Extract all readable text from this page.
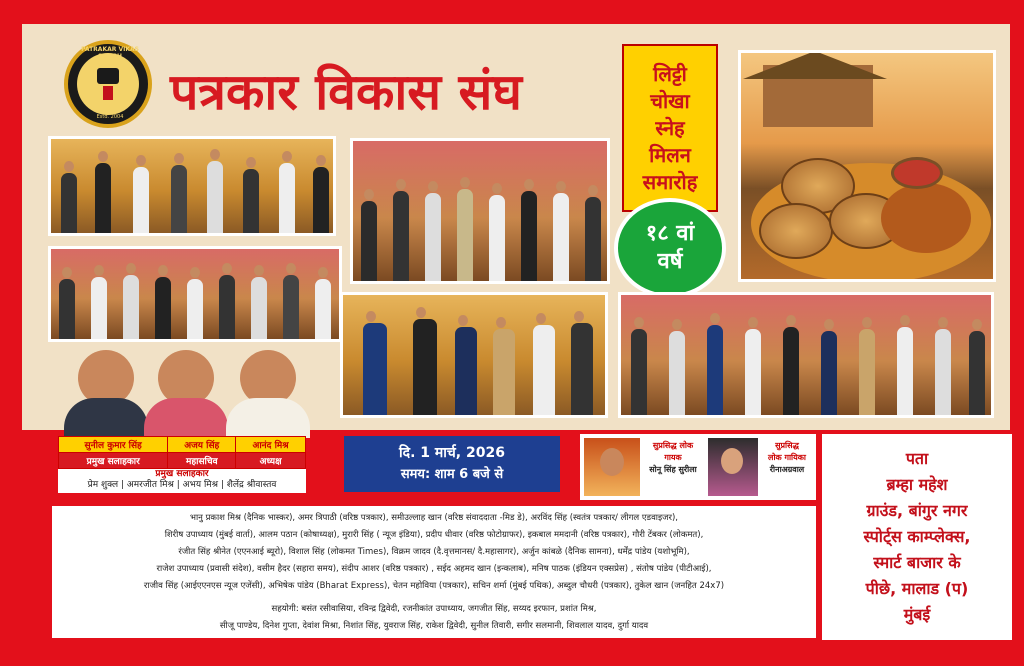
PATRAKAR VIKAS SANGH
Estd. 2004 पत्रकार विकास संघ	लिट्टी
चोखा
स्नेह
मिलन
समारोह
१८ वां
वर्ष
सुनील कुमार सिंह	अजय सिंह	आनंद मिश्र
प्रमुख सलाहकार	महासचिव	अध्यक्ष
प्रमुख सलाहकार
प्रेम शुक्ल | अमरजीत मिश्र | अभय मिश्र | शैलेंद्र श्रीवास्तव
दि. 1 मार्च, 2026
समय: शाम 6 बजे से
सुप्रसिद्ध लोक
गायक
सोनू सिंह सुरीला
सुप्रसिद्ध
लोक गायिका
रीनाअग्रवाल
पता
ब्रम्हा महेश
ग्राउंड, बांगुर नगर
स्पोर्ट्स काम्प्लेक्स,
स्मार्ट बाजार के
पीछे, मालाड (प)
मुंबई

भानु प्रकाश मिश्र (दैनिक भास्कर), अमर त्रिपाठी (वरिष्ठ पत्रकार), समीउल्लाह खान (वरिष्ठ संवाददाता -मिड डे), अरविंद सिंह (स्वतंत्र पत्रकार/ लीगल एडवाइजर),

शिरीष उपाध्याय (मुंबई वार्ता), आलम पठान (कोषाध्यक्ष), मुरारी सिंह ( न्यूज इंडिया), प्रदीप धीवार (वरिष्ठ फोटोग्राफर), इकबाल ममदानी (वरिष्ठ पत्रकार), गौरी टेंबकर (लोकमत),

रंजीत सिंह श्रीनेत (एएनआई ब्यूरो), विशाल सिंह (लोकमत Times), विक्रम जादव (दै.वृत्तमानस/ दै.महासागर), अर्जुन कांबळे (दैनिक सामना), धर्मेंद्र पांडेय (यशोभूमि),

राजेश उपाध्याय (प्रवासी संदेश), वसीम हैदर (सहारा समय), संदीप आशर (वरिष्ठ पत्रकार) , सईद अहमद खान (इन्कलाब), मनिष पाठक (इंडियन एक्सप्रेस) , संतोष पांडेय (पीटीआई),

राजीव सिंह (आईएएनएस न्यूज एजेंसी), अभिषेक पांडेय (Bharat Express), चेतन महोविया (पत्रकार), सचिन शर्मा (मुंबई पथिक), अब्दुल चौधरी (पत्रकार), तुकेल खान (जनहित 24x7)

सहयोगी: बसंत रसीवासिया, रविन्द्र द्विवेदी, रजनीकांत उपाध्याय, जगजीत सिंह, सय्यद इरफान, प्रशांत मिश्र,

सीजू पाण्डेय, दिनेश गुप्ता, देवांश मिश्रा, निशांत सिंह, युवराज सिंह, राकेश द्विवेदी, सुनील तिवारी, सगीर सलमानी, शिवलाल यादव, दुर्गा यादव
